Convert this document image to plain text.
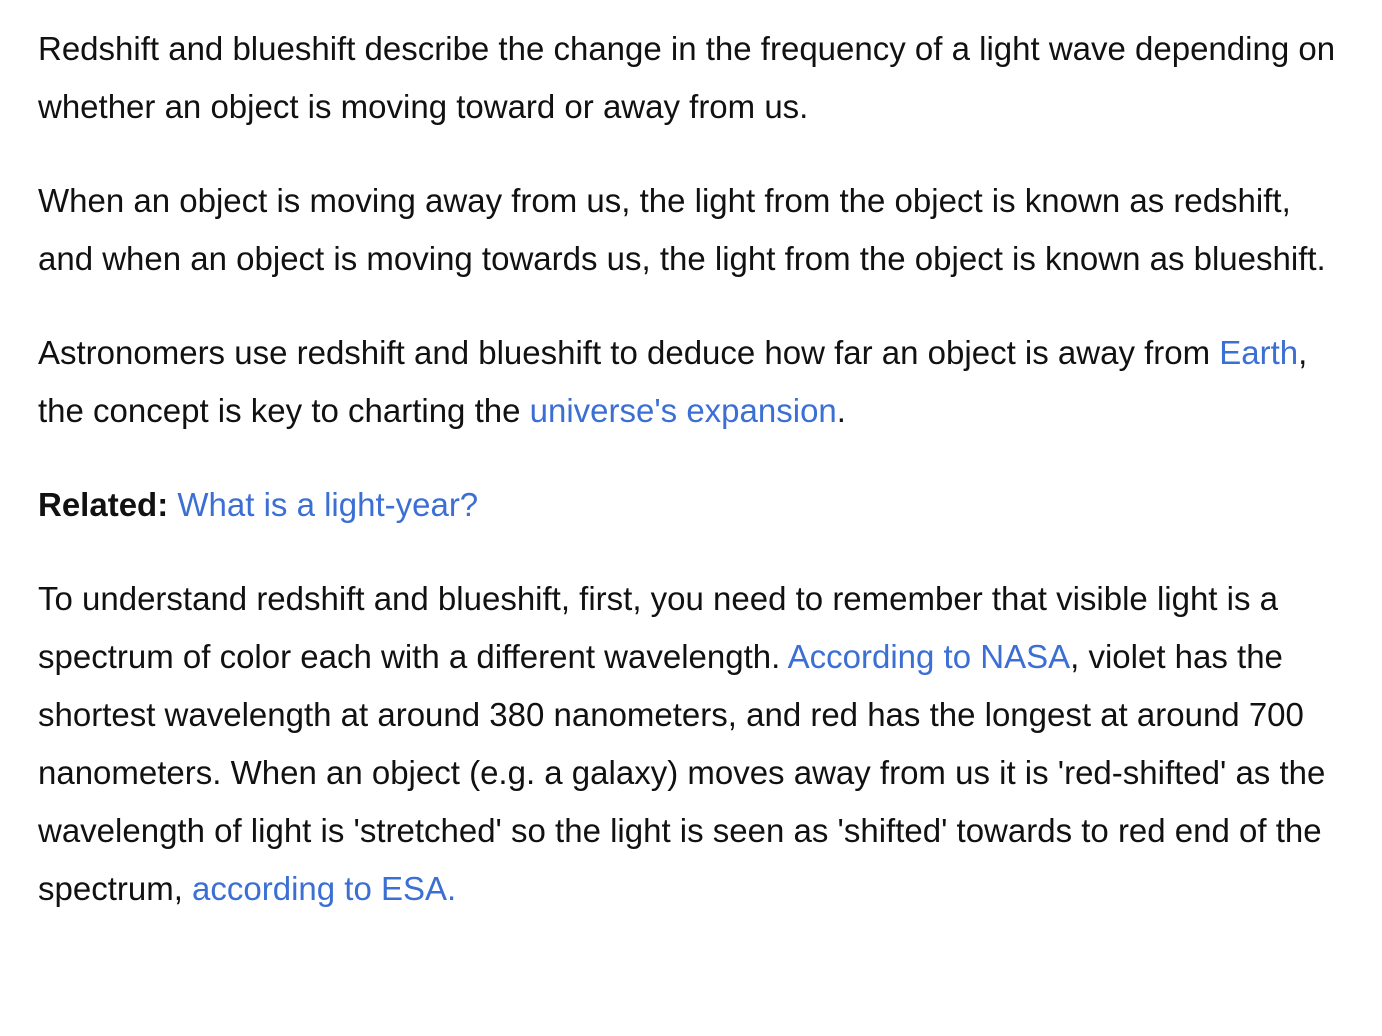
Redshift and blueshift describe the change in the frequency of a light wave depending on whether an object is moving toward or away from us.

When an object is moving away from us, the light from the object is known as redshift, and when an object is moving towards us, the light from the object is known as blueshift.

Astronomers use redshift and blueshift to deduce how far an object is away from Earth, the concept is key to charting the universe's expansion.

Related: What is a light-year?

To understand redshift and blueshift, first, you need to remember that visible light is a spectrum of color each with a different wavelength. According to NASA, violet has the shortest wavelength at around 380 nanometers, and red has the longest at around 700 nanometers. When an object (e.g. a galaxy) moves away from us it is 'red-shifted' as the wavelength of light is 'stretched' so the light is seen as 'shifted' towards to red end of the spectrum, according to ESA.
